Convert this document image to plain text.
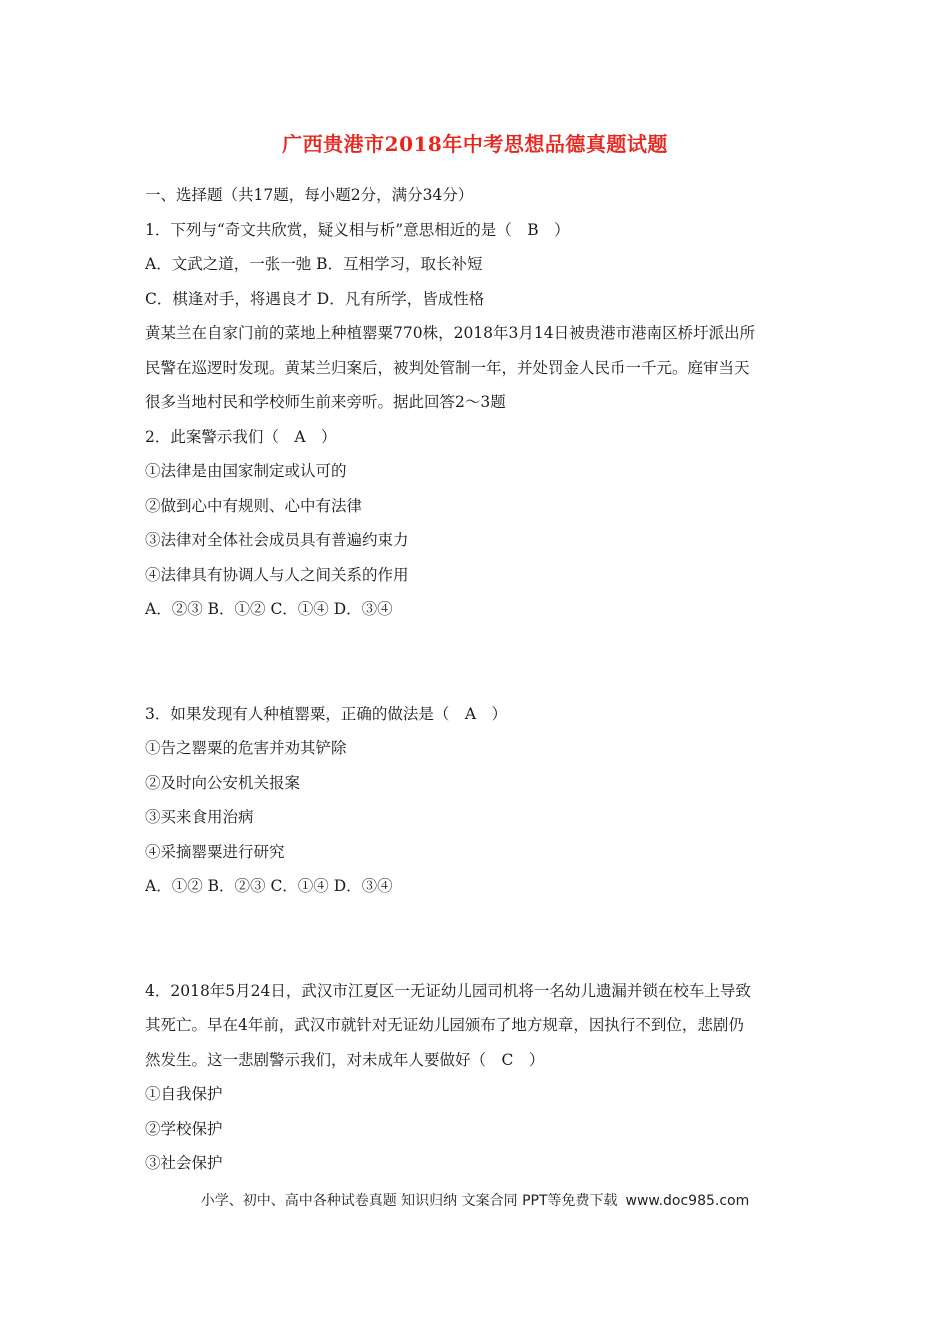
广西贵港市2018年中考思想品德真题试题
一、选择题（共17题，每小题2分，满分34分）
1．下列与“奇文共欣赏，疑义相与析”意思相近的是（　B　）
A．文武之道，一张一弛 B．互相学习，取长补短
C．棋逢对手，将遇良才 D．凡有所学，皆成性格
黄某兰在自家门前的菜地上种植罂粟770株，2018年3月14日被贵港市港南区桥圩派出所
民警在巡逻时发现。黄某兰归案后，被判处管制一年，并处罚金人民币一千元。庭审当天
很多当地村民和学校师生前来旁听。据此回答2～3题
2．此案警示我们（　A　）
①法律是由国家制定或认可的
②做到心中有规则、心中有法律
③法律对全体社会成员具有普遍约束力
④法律具有协调人与人之间关系的作用
A．②③ B．①② C．①④ D．③④
3．如果发现有人种植罂粟，正确的做法是（　A　）
①告之罂粟的危害并劝其铲除
②及时向公安机关报案
③买来食用治病
④采摘罂粟进行研究
A．①② B．②③ C．①④ D．③④
4．2018年5月24日，武汉市江夏区一无证幼儿园司机将一名幼儿遗漏并锁在校车上导致
其死亡。早在4年前，武汉市就针对无证幼儿园颁布了地方规章，因执行不到位，悲剧仍
然发生。这一悲剧警示我们，对未成年人要做好（　C　）
①自我保护
②学校保护
③社会保护
小学、初中、高中各种试卷真题 知识归纳 文案合同 PPT等免费下载 www.doc985.com
